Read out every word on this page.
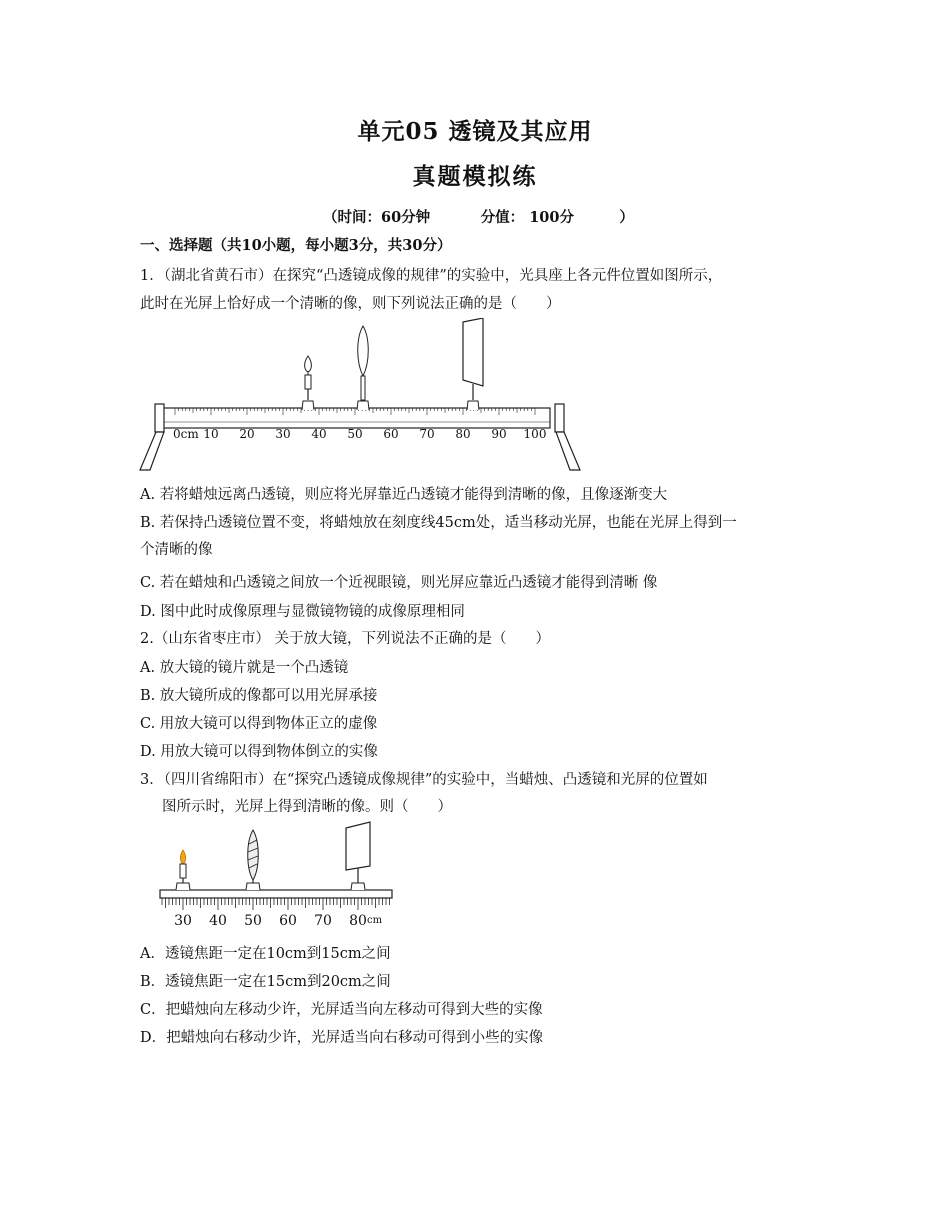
单元05 透镜及其应用
真题模拟练
（时间：60分钟          分值： 100分         ）
一、选择题（共10小题，每小题3分，共30分）
1．（湖北省黄石市）在探究“凸透镜成像的规律”的实验中，光具座上各元件位置如图所示，
此时在光屏上恰好成一个清晰的像，则下列说法正确的是（　　）
0cm 10 20 30 40 50 60 70 80 90 100
A. 若将蜡烛远离凸透镜，则应将光屏靠近凸透镜才能得到清晰的像，且像逐渐变大
B. 若保持凸透镜位置不变，将蜡烛放在刻度线45cm处，适当移动光屏，也能在光屏上得到一
个清晰的像
C. 若在蜡烛和凸透镜之间放一个近视眼镜，则光屏应靠近凸透镜才能得到清晰 像
D. 图中此时成像原理与显微镜物镜的成像原理相同
2.（山东省枣庄市） 关于放大镜，下列说法不正确的是（　　）
A. 放大镜的镜片就是一个凸透镜
B. 放大镜所成的像都可以用光屏承接
C. 用放大镜可以得到物体正立的虚像
D. 用放大镜可以得到物体倒立的实像
3．（四川省绵阳市）在“探究凸透镜成像规律”的实验中，当蜡烛、凸透镜和光屏的位置如
图所示时，光屏上得到清晰的像。则（　　）
30 40 50 60 70 80 cm
A．透镜焦距一定在10cm到15cm之间
B．透镜焦距一定在15cm到20cm之间
C．把蜡烛向左移动少许，光屏适当向左移动可得到大些的实像
D．把蜡烛向右移动少许，光屏适当向右移动可得到小些的实像
